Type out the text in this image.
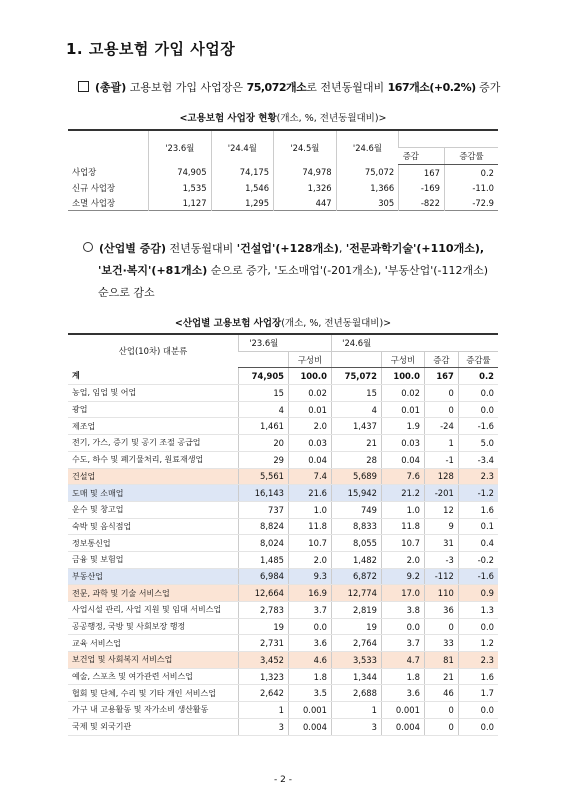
1. 고용보험 가입 사업장
(총괄) 고용보험 가입 사업장은 75,072개소로 전년동월대비 167개소(+0.2%) 증가
<고용보험 사업장 현황(개소, %, 전년동월대비)>
	'23.6월	'24.4월	'24.5월	'24.6월		
					증감	증감률
사업장	74,905	74,175	74,978	75,072	167	0.2
신규 사업장	1,535	1,546	1,326	1,366	-169	-11.0
소멸 사업장	1,127	1,295	447	305	-822	-72.9
(산업별 증감) 전년동월대비 '건설업'(+128개소), '전문과학기술'(+110개소),
'보건·복지'(+81개소) 순으로 증가, '도소매업'(-201개소), '부동산업'(-112개소)
순으로 감소
<산업별 고용보험 사업장(개소, %, 전년동월대비)>
산업(10차) 대분류	'23.6월		'24.6월			
		구성비		구성비	증감	증감률
계	74,905	100.0	75,072	100.0	167	0.2
농업, 임업 및 어업	15	0.02	15	0.02	0	0.0
광업	4	0.01	4	0.01	0	0.0
제조업	1,461	2.0	1,437	1.9	-24	-1.6
전기, 가스, 증기 및 공기 조절 공급업	20	0.03	21	0.03	1	5.0
수도, 하수 및 폐기물처리, 원료재생업	29	0.04	28	0.04	-1	-3.4
건설업	5,561	7.4	5,689	7.6	128	2.3
도매 및 소매업	16,143	21.6	15,942	21.2	-201	-1.2
운수 및 창고업	737	1.0	749	1.0	12	1.6
숙박 및 음식점업	8,824	11.8	8,833	11.8	9	0.1
정보통신업	8,024	10.7	8,055	10.7	31	0.4
금융 및 보험업	1,485	2.0	1,482	2.0	-3	-0.2
부동산업	6,984	9.3	6,872	9.2	-112	-1.6
전문, 과학 및 기술 서비스업	12,664	16.9	12,774	17.0	110	0.9
사업시설 관리, 사업 지원 및 임대 서비스업	2,783	3.7	2,819	3.8	36	1.3
공공행정, 국방 및 사회보장 행정	19	0.0	19	0.0	0	0.0
교육 서비스업	2,731	3.6	2,764	3.7	33	1.2
보건업 및 사회복지 서비스업	3,452	4.6	3,533	4.7	81	2.3
예술, 스포츠 및 여가관련 서비스업	1,323	1.8	1,344	1.8	21	1.6
협회 및 단체, 수리 및 기타 개인 서비스업	2,642	3.5	2,688	3.6	46	1.7
가구 내 고용활동 및 자가소비 생산활동	1	0.001	1	0.001	0	0.0
국제 및 외국기관	3	0.004	3	0.004	0	0.0
- 2 -
